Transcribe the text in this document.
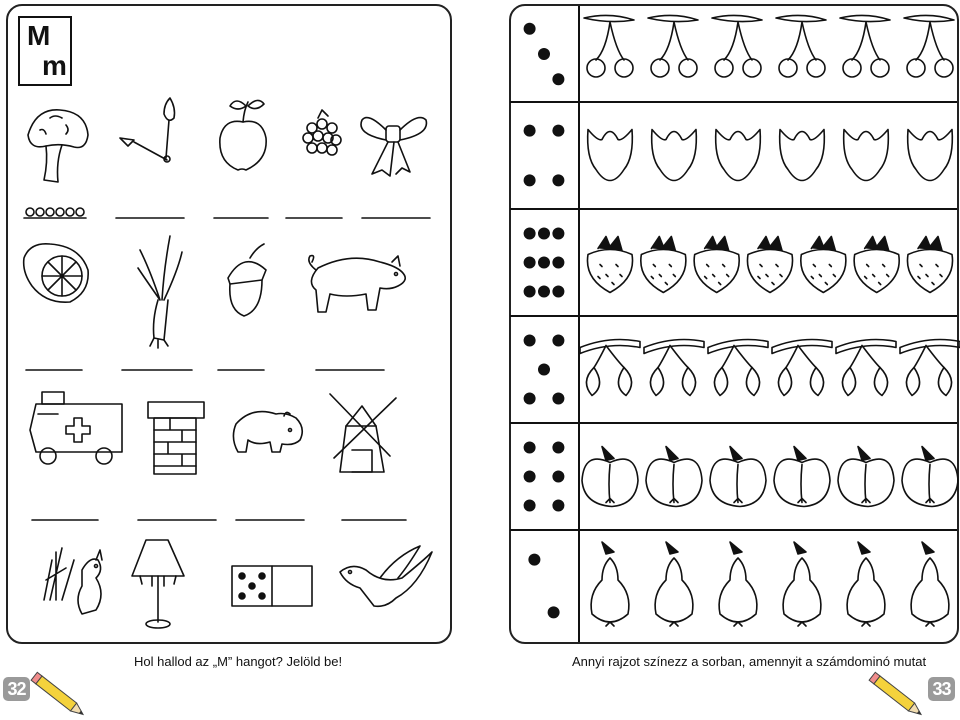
M
m
Hol hallod az „M” hangot? Jelöld be!
32
Annyi rajzot színezz a sorban, amennyit a számdominó mutat
33
